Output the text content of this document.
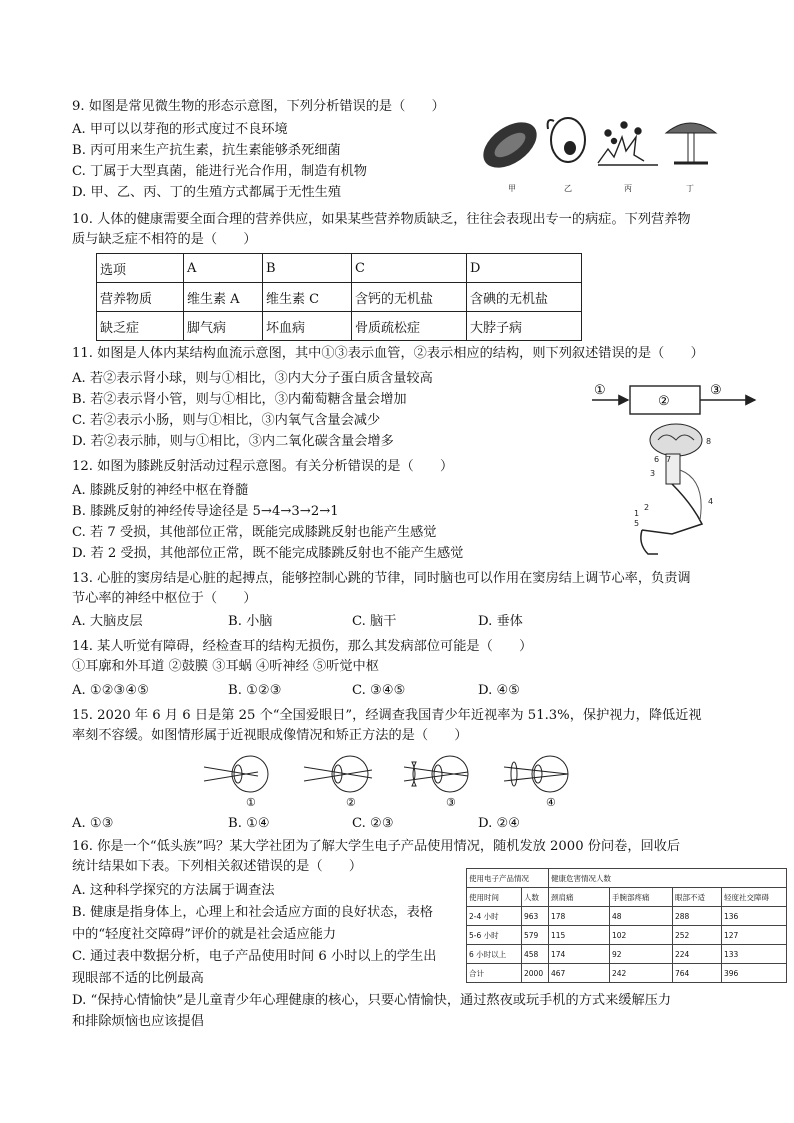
9. 如图是常见微生物的形态示意图，下列分析错误的是（　　）
A. 甲可以以芽孢的形式度过不良环境
B. 丙可用来生产抗生素，抗生素能够杀死细菌
C. 丁属于大型真菌，能进行光合作用，制造有机物
D. 甲、乙、丙、丁的生殖方式都属于无性生殖	甲	乙	丙	丁
10. 人体的健康需要全面合理的营养供应，如果某些营养物质缺乏，往往会表现出专一的病症。下列营养物
质与缺乏症不相符的是（　　）
选项	A	B	C	D
营养物质	维生素 A	维生素 C	含钙的无机盐	含碘的无机盐
缺乏症	脚气病	坏血病	骨质疏松症	大脖子病
11. 如图是人体内某结构血流示意图，其中①③表示血管，②表示相应的结构，则下列叙述错误的是（　　）
A. 若②表示肾小球，则与①相比，③内大分子蛋白质含量较高
B. 若②表示肾小管，则与①相比，③内葡萄糖含量会增加
C. 若②表示小肠，则与①相比，③内氧气含量会减少
D. 若②表示肺，则与①相比，③内二氧化碳含量会增多
①
②
③
12. 如图为膝跳反射活动过程示意图。有关分析错误的是（　　）
A. 膝跳反射的神经中枢在脊髓
B. 膝跳反射的神经传导途径是 5→4→3→2→1
C. 若 7 受损，其他部位正常，既能完成膝跳反射也能产生感觉
D. 若 2 受损，其他部位正常，既不能完成膝跳反射也不能产生感觉
8
6 7
3
2
4
1
5
13. 心脏的窦房结是心脏的起搏点，能够控制心跳的节律，同时脑也可以作用在窦房结上调节心率，负责调
节心率的神经中枢位于（　　）
A. 大脑皮层	B. 小脑	C. 脑干	D. 垂体
14. 某人听觉有障碍，经检查耳的结构无损伤，那么其发病部位可能是（　　）
①耳廓和外耳道 ②鼓膜 ③耳蜗 ④听神经 ⑤听觉中枢
A. ①②③④⑤	B. ①②③	C. ③④⑤	D. ④⑤
15. 2020 年 6 月 6 日是第 25 个“全国爱眼日”，经调查我国青少年近视率为 51.3%，保护视力，降低近视
率刻不容缓。如图情形属于近视眼成像情况和矫正方法的是（　　）
①	②	③	④
A. ①③	B. ①④	C. ②③	D. ②④
16. 你是一个“低头族”吗？某大学社团为了解大学生电子产品使用情况，随机发放 2000 份问卷，回收后
统计结果如下表。下列相关叙述错误的是（　　）
A. 这种科学探究的方法属于调查法
B. 健康是指身体上，心理上和社会适应方面的良好状态，表格
中的“轻度社交障碍”评价的就是社会适应能力
C. 通过表中数据分析，电子产品使用时间 6 小时以上的学生出
现眼部不适的比例最高
D. “保持心情愉快”是儿童青少年心理健康的核心，只要心情愉快，通过熬夜或玩手机的方式来缓解压力
和排除烦恼也应该提倡
使用电子产品情况		健康危害情况人数			
使用时间	人数	颈肩痛	手腕部疼痛	眼部不适	轻度社交障碍
2-4 小时	963	178	48	288	136
5-6 小时	579	115	102	252	127
6 小时以上	458	174	92	224	133
合计	2000	467	242	764	396
